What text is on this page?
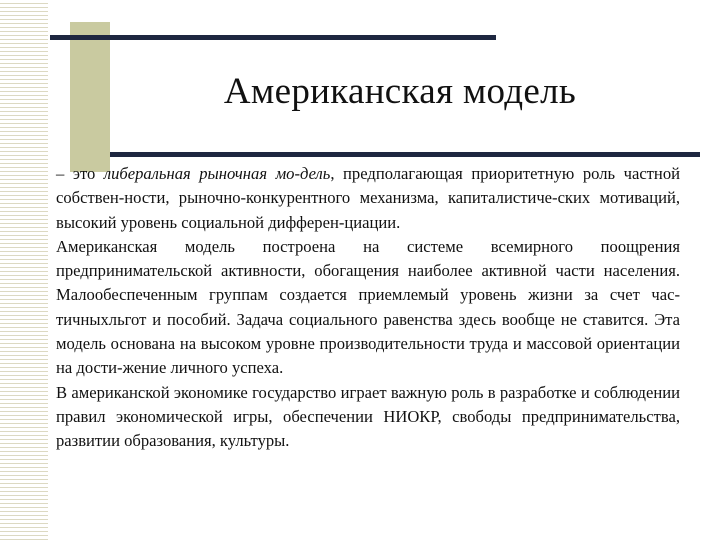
Американская модель

– это либеральная рыночная мо-дель, предполагающая приоритетную роль частной собствен-ности, рыночно-конкурентного механизма, капиталистиче-ских мотиваций, высокий уровень социальной дифферен-циации.

Американская модель построена на системе всемирного поощрения предпринимательской активности, обогащения наиболее активной части населения. Малообеспеченным группам создается приемлемый уровень жизни за счет час-тичныхльгот и пособий. Задача социального равенства здесь вообще не ставится. Эта модель основана на высоком уровне производительности труда и массовой ориентации на дости-жение личного успеха.

В американской экономике государство играет важную роль в разработке и соблюдении правил экономической игры, обеспечении НИОКР, свободы предпринимательства, развитии образования, культуры.
